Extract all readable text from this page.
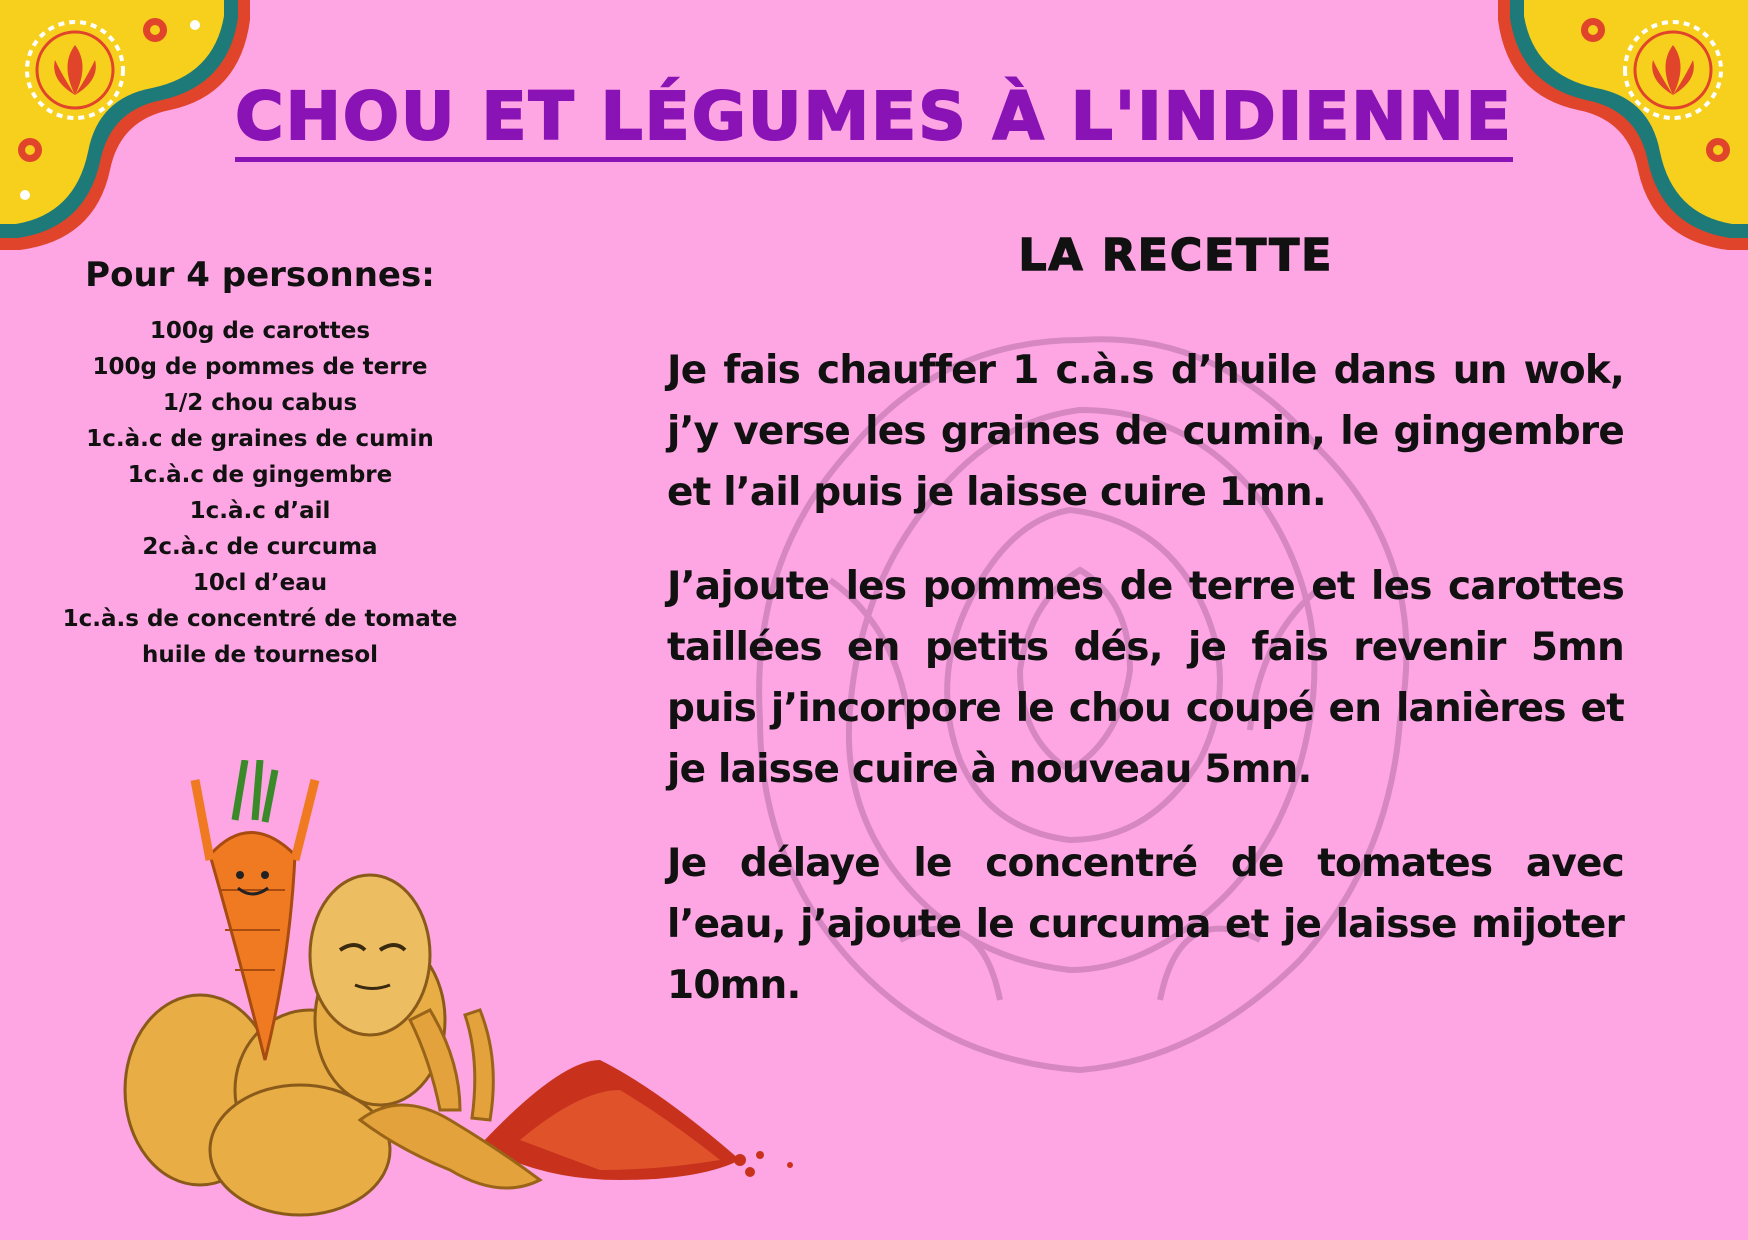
CHOU ET LÉGUMES À L'INDIENNE
Pour 4 personnes:
100g de carottes
100g de pommes de terre
1/2 chou cabus
1c.à.c de graines de cumin
1c.à.c de gingembre
1c.à.c d’ail
2c.à.c de curcuma
10cl d’eau
1c.à.s de concentré de tomate
huile de tournesol
LA RECETTE

Je fais chauffer 1 c.à.s d’huile dans un wok, j’y verse les graines de cumin, le gingembre et l’ail puis je laisse cuire 1mn.

J’ajoute les pommes de terre et les carottes taillées en petits dés, je fais revenir 5mn puis j’incorpore le chou coupé en lanières et je laisse cuire à nouveau 5mn.

Je délaye le concentré de tomates avec l’eau, j’ajoute le curcuma et je laisse mijoter 10mn.
